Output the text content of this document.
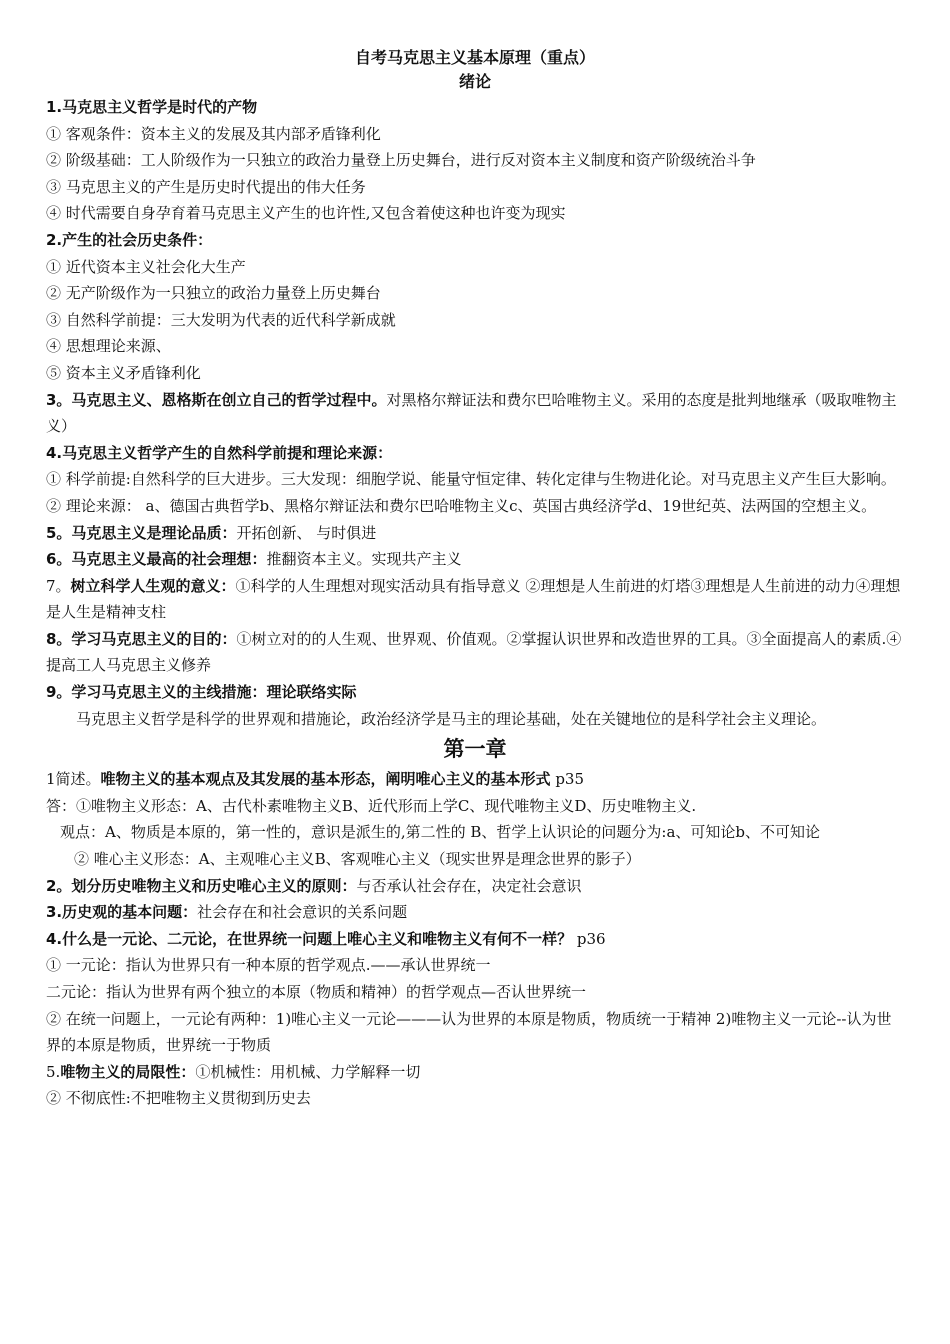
自考马克思主义基本原理（重点）

绪论

1.马克思主义哲学是时代的产物

① 客观条件：资本主义的发展及其内部矛盾锋利化

② 阶级基础：工人阶级作为一只独立的政治力量登上历史舞台，进行反对资本主义制度和资产阶级统治斗争

③ 马克思主义的产生是历史时代提出的伟大任务

④ 时代需要自身孕育着马克思主义产生的也许性,又包含着使这种也许变为现实

2.产生的社会历史条件：

① 近代资本主义社会化大生产

② 无产阶级作为一只独立的政治力量登上历史舞台

③ 自然科学前提：三大发明为代表的近代科学新成就

④ 思想理论来源、

⑤ 资本主义矛盾锋利化

3。马克思主义、恩格斯在创立自己的哲学过程中。对黑格尔辩证法和费尔巴哈唯物主义。采用的态度是批判地继承（吸取唯物主义）

4.马克思主义哲学产生的自然科学前提和理论来源：

① 科学前提:自然科学的巨大进步。三大发现：细胞学说、能量守恒定律、转化定律与生物进化论。对马克思主义产生巨大影响。

② 理论来源： a、德国古典哲学b、黑格尔辩证法和费尔巴哈唯物主义c、英国古典经济学d、19世纪英、法两国的空想主义。

5。马克思主义是理论品质：开拓创新、 与时俱进

6。马克思主义最高的社会理想：推翻资本主义。实现共产主义

7。树立科学人生观的意义：①科学的人生理想对现实活动具有指导意义 ②理想是人生前进的灯塔③理想是人生前进的动力④理想是人生是精神支柱

8。学习马克思主义的目的：①树立对的的人生观、世界观、价值观。②掌握认识世界和改造世界的工具。③全面提高人的素质.④ 提高工人马克思主义修养

9。学习马克思主义的主线措施：理论联络实际

马克思主义哲学是科学的世界观和措施论，政治经济学是马主的理论基础，处在关键地位的是科学社会主义理论。

第一章

1简述。唯物主义的基本观点及其发展的基本形态，阐明唯心主义的基本形式 p35

答：①唯物主义形态：A、古代朴素唯物主义B、近代形而上学C、现代唯物主义D、历史唯物主义.

观点：A、物质是本原的，第一性的，意识是派生的,第二性的 B、哲学上认识论的问题分为:a、可知论b、不可知论

② 唯心主义形态：A、主观唯心主义B、客观唯心主义（现实世界是理念世界的影子）

2。划分历史唯物主义和历史唯心主义的原则：与否承认社会存在，决定社会意识

3.历史观的基本问题：社会存在和社会意识的关系问题

4.什么是一元论、二元论，在世界统一问题上唯心主义和唯物主义有何不一样？ p36

① 一元论：指认为世界只有一种本原的哲学观点.——承认世界统一

二元论：指认为世界有两个独立的本原（物质和精神）的哲学观点—否认世界统一

② 在统一问题上，一元论有两种：1)唯心主义一元论———认为世界的本原是物质，物质统一于精神 2)唯物主义一元论--认为世界的本原是物质，世界统一于物质

5.唯物主义的局限性：①机械性：用机械、力学解释一切

② 不彻底性:不把唯物主义贯彻到历史去
